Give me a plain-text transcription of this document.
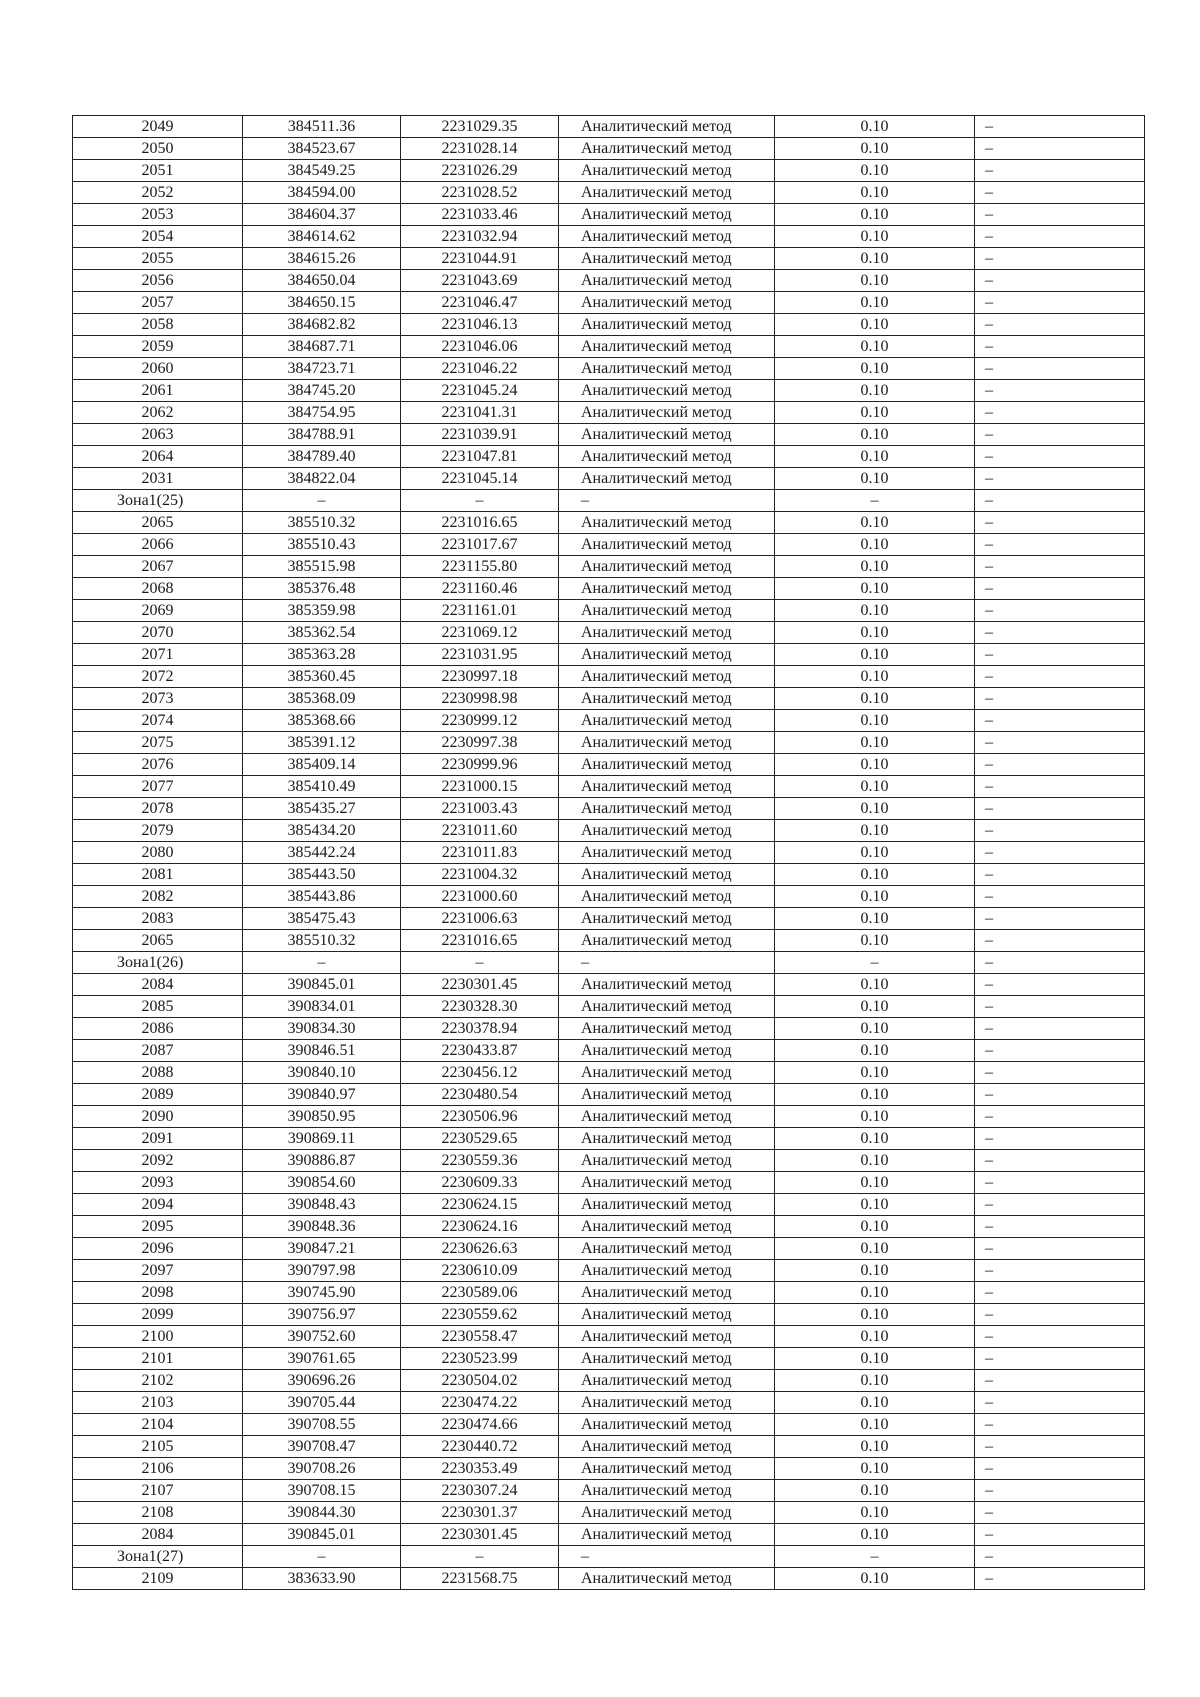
2049	384511.36	2231029.35	Аналитический метод	0.10	–
2050	384523.67	2231028.14	Аналитический метод	0.10	–
2051	384549.25	2231026.29	Аналитический метод	0.10	–
2052	384594.00	2231028.52	Аналитический метод	0.10	–
2053	384604.37	2231033.46	Аналитический метод	0.10	–
2054	384614.62	2231032.94	Аналитический метод	0.10	–
2055	384615.26	2231044.91	Аналитический метод	0.10	–
2056	384650.04	2231043.69	Аналитический метод	0.10	–
2057	384650.15	2231046.47	Аналитический метод	0.10	–
2058	384682.82	2231046.13	Аналитический метод	0.10	–
2059	384687.71	2231046.06	Аналитический метод	0.10	–
2060	384723.71	2231046.22	Аналитический метод	0.10	–
2061	384745.20	2231045.24	Аналитический метод	0.10	–
2062	384754.95	2231041.31	Аналитический метод	0.10	–
2063	384788.91	2231039.91	Аналитический метод	0.10	–
2064	384789.40	2231047.81	Аналитический метод	0.10	–
2031	384822.04	2231045.14	Аналитический метод	0.10	–
Зона1(25)	–	–	–	–	–
2065	385510.32	2231016.65	Аналитический метод	0.10	–
2066	385510.43	2231017.67	Аналитический метод	0.10	–
2067	385515.98	2231155.80	Аналитический метод	0.10	–
2068	385376.48	2231160.46	Аналитический метод	0.10	–
2069	385359.98	2231161.01	Аналитический метод	0.10	–
2070	385362.54	2231069.12	Аналитический метод	0.10	–
2071	385363.28	2231031.95	Аналитический метод	0.10	–
2072	385360.45	2230997.18	Аналитический метод	0.10	–
2073	385368.09	2230998.98	Аналитический метод	0.10	–
2074	385368.66	2230999.12	Аналитический метод	0.10	–
2075	385391.12	2230997.38	Аналитический метод	0.10	–
2076	385409.14	2230999.96	Аналитический метод	0.10	–
2077	385410.49	2231000.15	Аналитический метод	0.10	–
2078	385435.27	2231003.43	Аналитический метод	0.10	–
2079	385434.20	2231011.60	Аналитический метод	0.10	–
2080	385442.24	2231011.83	Аналитический метод	0.10	–
2081	385443.50	2231004.32	Аналитический метод	0.10	–
2082	385443.86	2231000.60	Аналитический метод	0.10	–
2083	385475.43	2231006.63	Аналитический метод	0.10	–
2065	385510.32	2231016.65	Аналитический метод	0.10	–
Зона1(26)	–	–	–	–	–
2084	390845.01	2230301.45	Аналитический метод	0.10	–
2085	390834.01	2230328.30	Аналитический метод	0.10	–
2086	390834.30	2230378.94	Аналитический метод	0.10	–
2087	390846.51	2230433.87	Аналитический метод	0.10	–
2088	390840.10	2230456.12	Аналитический метод	0.10	–
2089	390840.97	2230480.54	Аналитический метод	0.10	–
2090	390850.95	2230506.96	Аналитический метод	0.10	–
2091	390869.11	2230529.65	Аналитический метод	0.10	–
2092	390886.87	2230559.36	Аналитический метод	0.10	–
2093	390854.60	2230609.33	Аналитический метод	0.10	–
2094	390848.43	2230624.15	Аналитический метод	0.10	–
2095	390848.36	2230624.16	Аналитический метод	0.10	–
2096	390847.21	2230626.63	Аналитический метод	0.10	–
2097	390797.98	2230610.09	Аналитический метод	0.10	–
2098	390745.90	2230589.06	Аналитический метод	0.10	–
2099	390756.97	2230559.62	Аналитический метод	0.10	–
2100	390752.60	2230558.47	Аналитический метод	0.10	–
2101	390761.65	2230523.99	Аналитический метод	0.10	–
2102	390696.26	2230504.02	Аналитический метод	0.10	–
2103	390705.44	2230474.22	Аналитический метод	0.10	–
2104	390708.55	2230474.66	Аналитический метод	0.10	–
2105	390708.47	2230440.72	Аналитический метод	0.10	–
2106	390708.26	2230353.49	Аналитический метод	0.10	–
2107	390708.15	2230307.24	Аналитический метод	0.10	–
2108	390844.30	2230301.37	Аналитический метод	0.10	–
2084	390845.01	2230301.45	Аналитический метод	0.10	–
Зона1(27)	–	–	–	–	–
2109	383633.90	2231568.75	Аналитический метод	0.10	–
